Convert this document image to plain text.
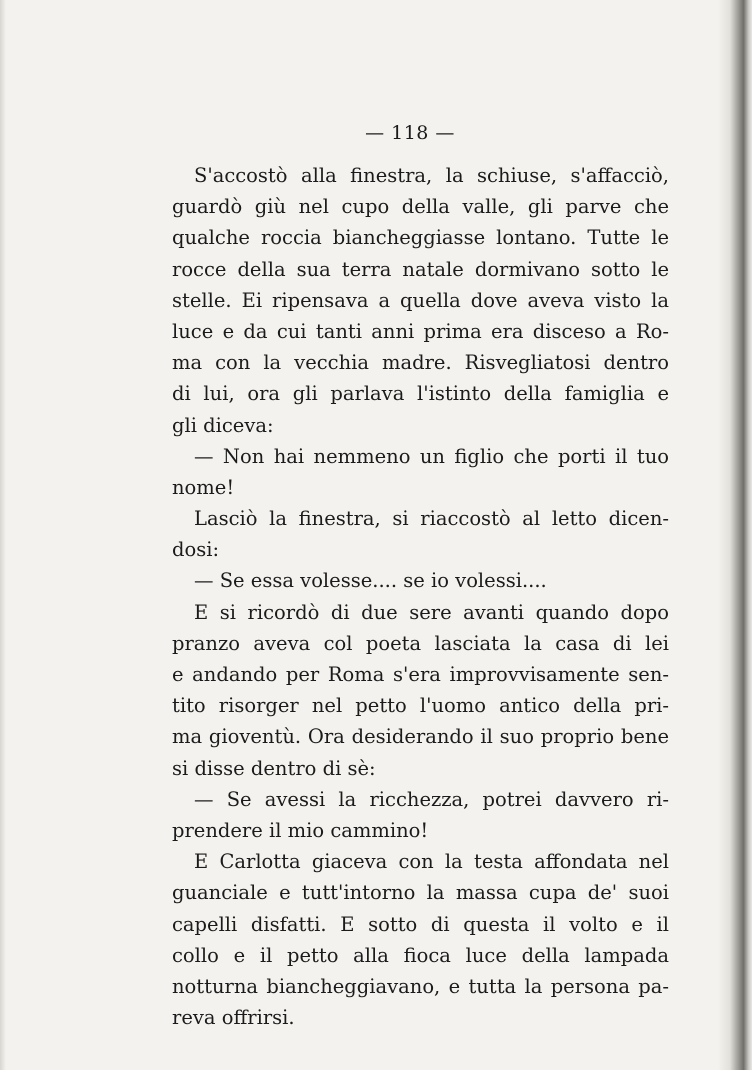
— 118 —
S'accostò alla finestra, la schiuse, s'affacciò,
guardò giù nel cupo della valle, gli parve che
qualche roccia biancheggiasse lontano. Tutte le
rocce della sua terra natale dormivano sotto le
stelle. Ei ripensava a quella dove aveva visto la
luce e da cui tanti anni prima era disceso a Ro-
ma con la vecchia madre. Risvegliatosi dentro
di lui, ora gli parlava l'istinto della famiglia e
gli diceva:
— Non hai nemmeno un figlio che porti il tuo
nome!
Lasciò la finestra, si riaccostò al letto dicen-
dosi:
— Se essa volesse.... se io volessi....
E si ricordò di due sere avanti quando dopo
pranzo aveva col poeta lasciata la casa di lei
e andando per Roma s'era improvvisamente sen-
tito risorger nel petto l'uomo antico della pri-
ma gioventù. Ora desiderando il suo proprio bene
si disse dentro di sè:
— Se avessi la ricchezza, potrei davvero ri-
prendere il mio cammino!
E Carlotta giaceva con la testa affondata nel
guanciale e tutt'intorno la massa cupa de' suoi
capelli disfatti. E sotto di questa il volto e il
collo e il petto alla fioca luce della lampada
notturna biancheggiavano, e tutta la persona pa-
reva offrirsi.
